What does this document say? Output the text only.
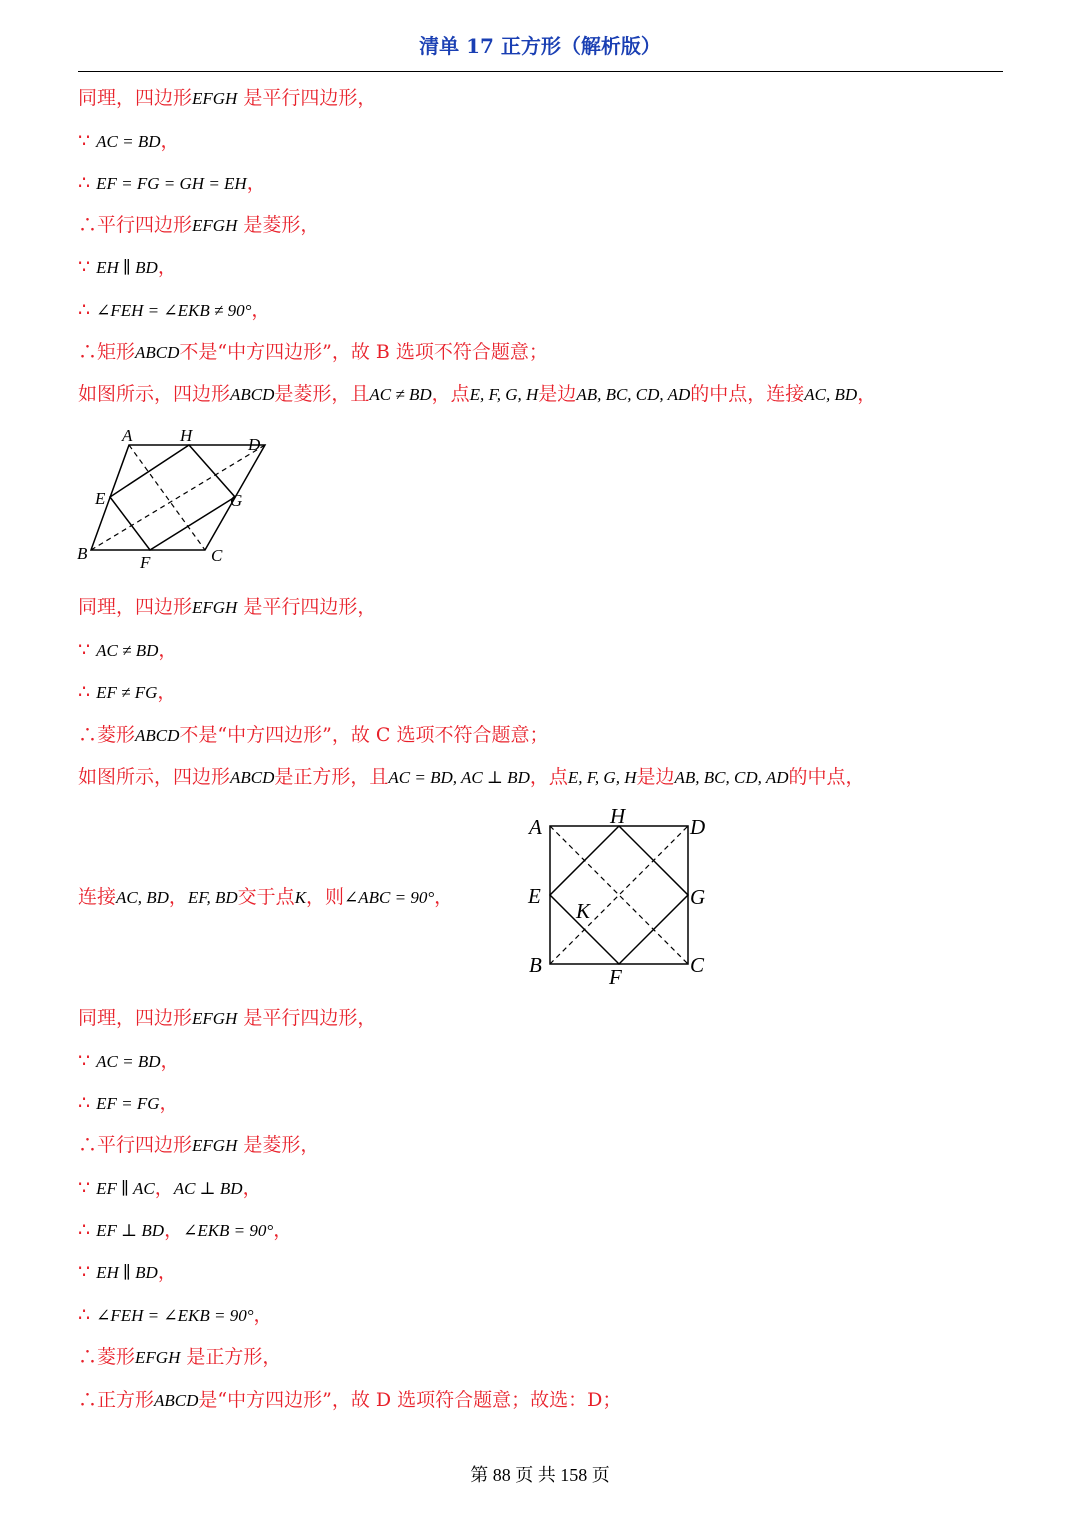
清单 17 正方形（解析版）
同理，四边形EFGH 是平行四边形，
∵ AC = BD，
∴ EF = FG = GH = EH，
∴平行四边形EFGH 是菱形，
∵ EH ∥ BD，
∴ ∠FEH = ∠EKB ≠ 90°，
∴矩形ABCD不是“中方四边形”，故 B 选项不符合题意；
如图所示，四边形ABCD是菱形，且AC ≠ BD，点E, F, G, H是边AB, BC, CD, AD的中点，连接AC, BD，
A	H	D
E	G
B	F	C
同理，四边形EFGH 是平行四边形，
∵ AC ≠ BD，
∴ EF ≠ FG，
∴菱形ABCD不是“中方四边形”，故 C 选项不符合题意；
如图所示，四边形ABCD是正方形，且AC = BD, AC ⊥ BD，点E, F, G, H是边AB, BC, CD, AD的中点，
连接AC, BD，EF, BD交于点K，则∠ABC = 90°，
A	H	D
E
K
G
B	F	C
同理，四边形EFGH 是平行四边形，
∵ AC = BD，
∴ EF = FG，
∴平行四边形EFGH 是菱形，
∵ EF ∥ AC，AC ⊥ BD，
∴ EF ⊥ BD，∠EKB = 90°，
∵ EH ∥ BD，
∴ ∠FEH = ∠EKB = 90°，
∴菱形EFGH 是正方形，
∴正方形ABCD是“中方四边形”，故 D 选项符合题意；故选：D；
第 88 页 共 158 页
